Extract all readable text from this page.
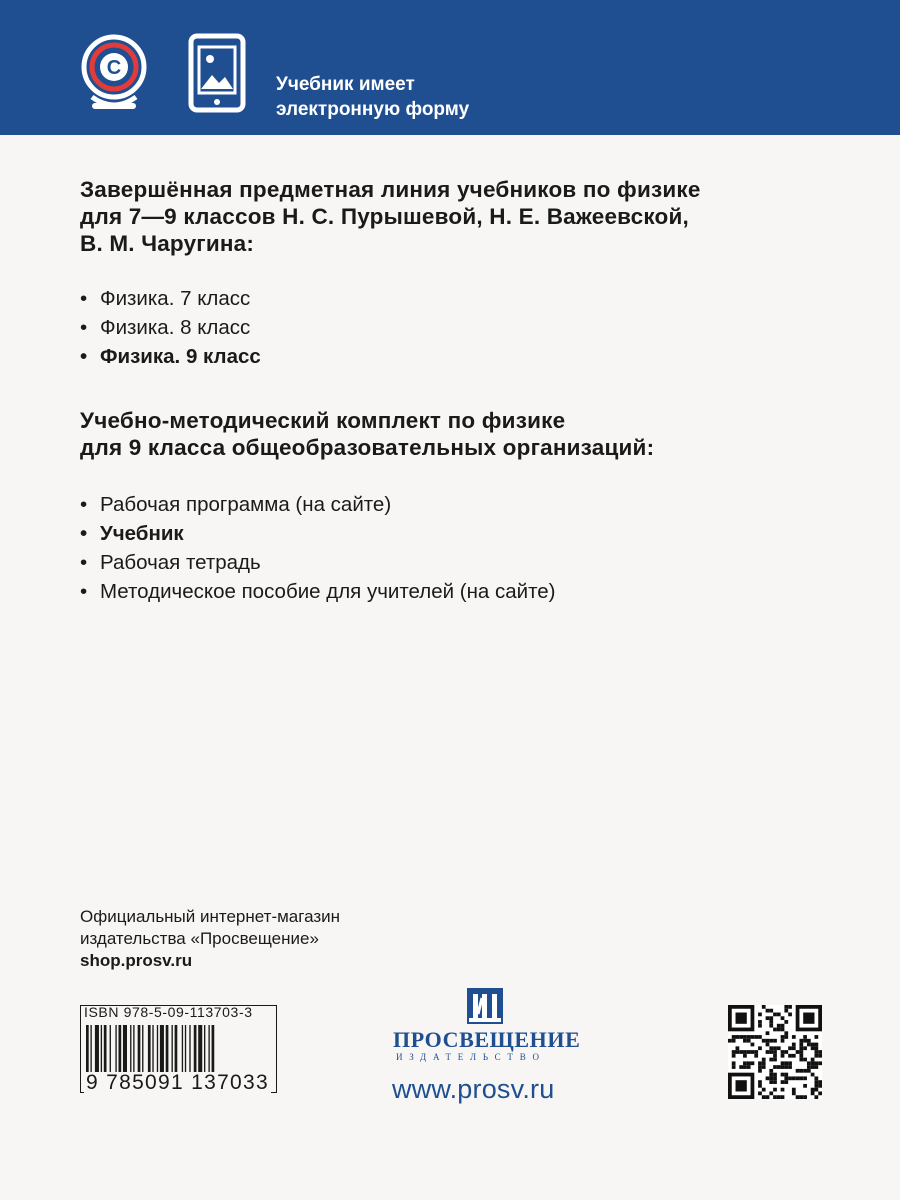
C
Учебник имеет
электронную форму
Завершённая предметная линия учебников по физике
для 7—9 классов Н. С. Пурышевой, Н. Е. Важеевской,
В. М. Чаругина:
• Физика. 7 класс
• Физика. 8 класс
• Физика. 9 класс
Учебно-методический комплект по физике
для 9 класса общеобразовательных организаций:
• Рабочая программа (на сайте)
• Учебник
• Рабочая тетрадь
• Методическое пособие для учителей (на сайте)
Официальный интернет-магазин
издательства «Просвещение»
shop.prosv.ru
ISBN 978-5-09-113703-3
9 785091 137033
ПРОСВЕЩЕНИЕ
ИЗДАТЕЛЬСТВО
www.prosv.ru
